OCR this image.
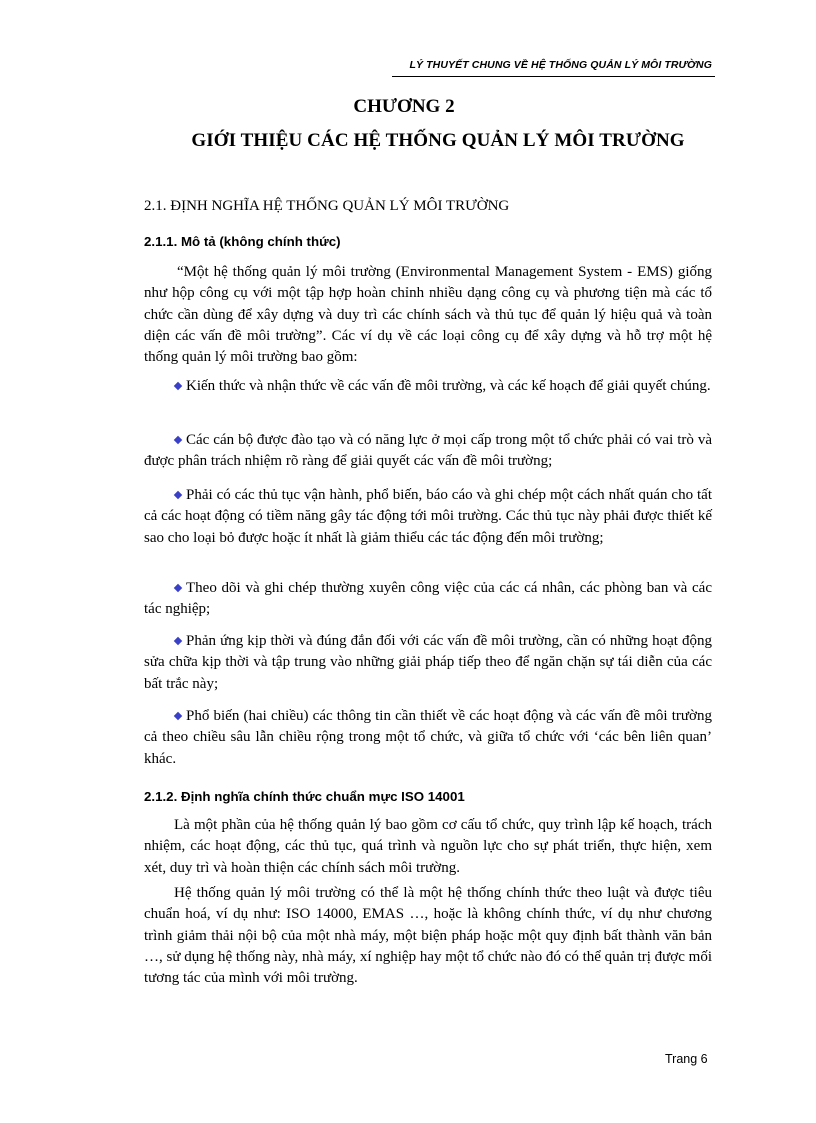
LÝ THUYẾT CHUNG VỀ HỆ THỐNG QUẢN LÝ MÔI TRƯỜNG
CHƯƠNG 2
GIỚI THIỆU CÁC HỆ THỐNG QUẢN LÝ MÔI TRƯỜNG
2.1. ĐỊNH NGHĨA HỆ THỐNG QUẢN LÝ MÔI TRƯỜNG
2.1.1. Mô tả (không chính thức)

“Một hệ thống quản lý môi trường (Environmental Management System - EMS) giống như hộp công cụ với một tập hợp hoàn chỉnh nhiều dạng công cụ và phương tiện mà các tổ chức cần dùng để xây dựng và duy trì các chính sách và thủ tục để quản lý hiệu quả và toàn diện các vấn đề môi trường”. Các ví dụ về các loại công cụ để xây dựng và hỗ trợ một hệ thống quản lý môi trường bao gồm:

Kiến thức và nhận thức về các vấn đề môi trường, và các kế hoạch để giải quyết chúng.

Các cán bộ được đào tạo và có năng lực ở mọi cấp trong một tổ chức phải có vai trò và được phân trách nhiệm rõ ràng để giải quyết các vấn đề môi trường;

Phải có các thủ tục vận hành, phổ biến, báo cáo và ghi chép một cách nhất quán cho tất cả các hoạt động có tiềm năng gây tác động tới môi trường. Các thủ tục này phải được thiết kế sao cho loại bỏ được hoặc ít nhất là giảm thiểu các tác động đến môi trường;

Theo dõi và ghi chép thường xuyên công việc của các cá nhân, các phòng ban và các tác nghiệp;

Phản ứng kịp thời và đúng đắn đối với các vấn đề môi trường, cần có những hoạt động sửa chữa kịp thời và tập trung vào những giải pháp tiếp theo để ngăn chặn sự tái diễn của các bất trắc này;

Phổ biến (hai chiều) các thông tin cần thiết về các hoạt động và các vấn đề môi trường cả theo chiều sâu lẫn chiều rộng trong một tổ chức, và giữa tổ chức với ‘các bên liên quan’ khác.

2.1.2. Định nghĩa chính thức chuẩn mực ISO 14001

Là một phần của hệ thống quản lý bao gồm cơ cấu tổ chức, quy trình lập kế hoạch, trách nhiệm, các hoạt động, các thủ tục, quá trình và nguồn lực cho sự phát triển, thực hiện, xem xét, duy trì và hoàn thiện các chính sách môi trường.

Hệ thống quản lý môi trường có thể là một hệ thống chính thức theo luật và được tiêu chuẩn hoá, ví dụ như: ISO 14000, EMAS …, hoặc là không chính thức, ví dụ như chương trình giảm thải nội bộ của một nhà máy, một biện pháp hoặc một quy định bất thành văn bản …, sử dụng hệ thống này, nhà máy, xí nghiệp hay một tổ chức nào đó có thể quản trị được mối tương tác của mình với môi trường.

Trang 6
